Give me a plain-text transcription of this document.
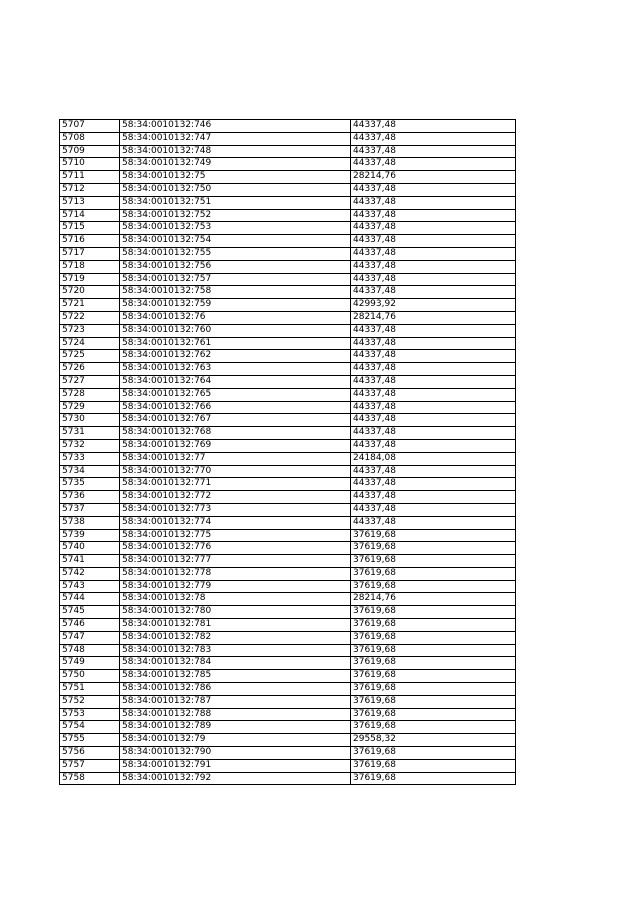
5707	58:34:0010132:746	44337,48
5708	58:34:0010132:747	44337,48
5709	58:34:0010132:748	44337,48
5710	58:34:0010132:749	44337,48
5711	58:34:0010132:75	28214,76
5712	58:34:0010132:750	44337,48
5713	58:34:0010132:751	44337,48
5714	58:34:0010132:752	44337,48
5715	58:34:0010132:753	44337,48
5716	58:34:0010132:754	44337,48
5717	58:34:0010132:755	44337,48
5718	58:34:0010132:756	44337,48
5719	58:34:0010132:757	44337,48
5720	58:34:0010132:758	44337,48
5721	58:34:0010132:759	42993,92
5722	58:34:0010132:76	28214,76
5723	58:34:0010132:760	44337,48
5724	58:34:0010132:761	44337,48
5725	58:34:0010132:762	44337,48
5726	58:34:0010132:763	44337,48
5727	58:34:0010132:764	44337,48
5728	58:34:0010132:765	44337,48
5729	58:34:0010132:766	44337,48
5730	58:34:0010132:767	44337,48
5731	58:34:0010132:768	44337,48
5732	58:34:0010132:769	44337,48
5733	58:34:0010132:77	24184,08
5734	58:34:0010132:770	44337,48
5735	58:34:0010132:771	44337,48
5736	58:34:0010132:772	44337,48
5737	58:34:0010132:773	44337,48
5738	58:34:0010132:774	44337,48
5739	58:34:0010132:775	37619,68
5740	58:34:0010132:776	37619,68
5741	58:34:0010132:777	37619,68
5742	58:34:0010132:778	37619,68
5743	58:34:0010132:779	37619,68
5744	58:34:0010132:78	28214,76
5745	58:34:0010132:780	37619,68
5746	58:34:0010132:781	37619,68
5747	58:34:0010132:782	37619,68
5748	58:34:0010132:783	37619,68
5749	58:34:0010132:784	37619,68
5750	58:34:0010132:785	37619,68
5751	58:34:0010132:786	37619,68
5752	58:34:0010132:787	37619,68
5753	58:34:0010132:788	37619,68
5754	58:34:0010132:789	37619,68
5755	58:34:0010132:79	29558,32
5756	58:34:0010132:790	37619,68
5757	58:34:0010132:791	37619,68
5758	58:34:0010132:792	37619,68
